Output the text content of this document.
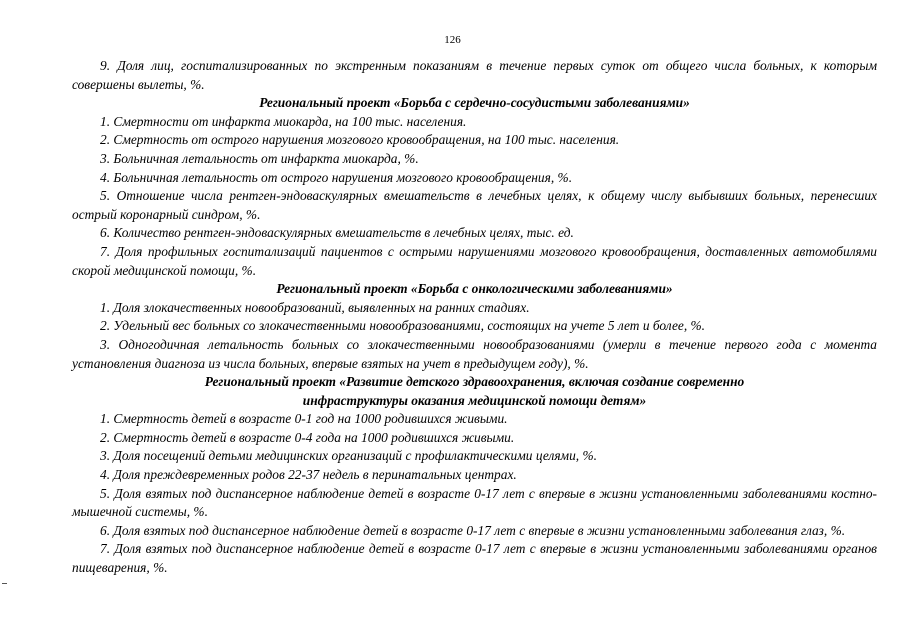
126

9. Доля лиц, госпитализированных по экстренным показаниям в течение первых суток от общего числа больных, к которым совершены вылеты, %.

Региональный проект «Борьба с сердечно-сосудистыми заболеваниями»

1. Смертности от инфаркта миокарда, на 100 тыс. населения.

2. Смертность от острого нарушения мозгового кровообращения, на 100 тыс. населения.

3. Больничная летальность от инфаркта миокарда, %.

4. Больничная летальность от острого нарушения мозгового кровообращения, %.

5. Отношение числа рентген-эндоваскулярных вмешательств в лечебных целях, к общему числу выбывших больных, перенесших острый коронарный синдром, %.

6. Количество рентген-эндоваскулярных вмешательств в лечебных целях, тыс. ед.

7. Доля профильных госпитализаций пациентов с острыми нарушениями мозгового кровообращения, доставленных автомобилями скорой медицинской помощи, %.

Региональный проект «Борьба с онкологическими заболеваниями»

1. Доля злокачественных новообразований, выявленных на ранних стадиях.

2. Удельный вес больных со злокачественными новообразованиями, состоящих на учете 5 лет и более, %.

3. Одногодичная летальность больных со злокачественными новообразованиями (умерли в течение первого года с момента установления диагноза из числа больных, впервые взятых на учет в предыдущем году), %.

Региональный проект «Развитие детского здравоохранения, включая создание современно
инфраструктуры оказания медицинской помощи детям»

1. Смертность детей в возрасте 0-1 год на 1000 родившихся живыми.

2. Смертность детей в возрасте 0-4 года на 1000 родившихся живыми.

3. Доля посещений детьми медицинских организаций с профилактическими целями, %.

4. Доля преждевременных родов 22-37 недель в перинатальных центрах.

5. Доля взятых под диспансерное наблюдение детей в возрасте 0-17 лет с впервые в жизни установленными заболеваниями костно-мышечной системы, %.

6. Доля взятых под диспансерное наблюдение детей в возрасте 0-17 лет с впервые в жизни установленными заболевания глаз, %.

7. Доля взятых под диспансерное наблюдение детей в возрасте 0-17 лет с впервые в жизни установленными заболеваниями органов пищеварения, %.
